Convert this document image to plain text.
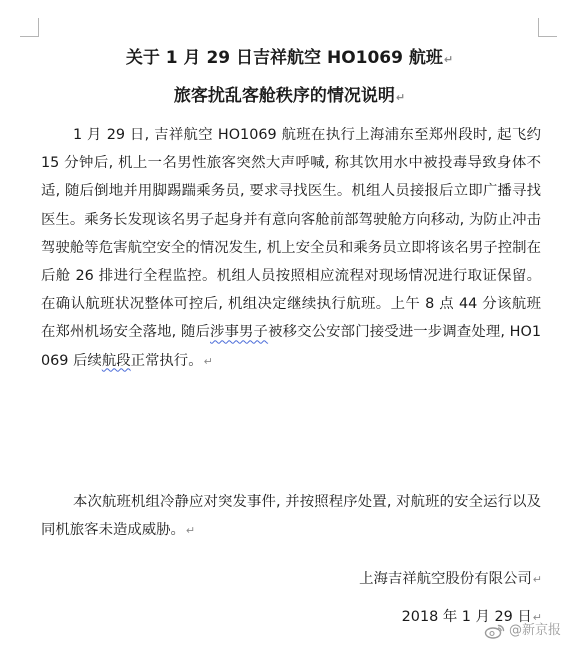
关于 1 月 29 日吉祥航空 HO1069 航班↵
旅客扰乱客舱秩序的情况说明↵
1 月 29 日, 吉祥航空 HO1069 航班在执行上海浦东至郑州段时, 起飞约 15 分钟后, 机上一名男性旅客突然大声呼喊, 称其饮用水中被投毒导致身体不适, 随后倒地并用脚踢踹乘务员, 要求寻找医生。机组人员接报后立即广播寻找医生。乘务长发现该名男子起身并有意向客舱前部驾驶舱方向移动, 为防止冲击驾驶舱等危害航空安全的情况发生, 机上安全员和乘务员立即将该名男子控制在后舱 26 排进行全程监控。机组人员按照相应流程对现场情况进行取证保留。在确认航班状况整体可控后, 机组决定继续执行航班。上午 8 点 44 分该航班在郑州机场安全落地, 随后涉事男子被移交公安部门接受进一步调查处理, HO1069 后续航段正常执行。↵
本次航班机组冷静应对突发事件, 并按照程序处置, 对航班的安全运行以及同机旅客未造成威胁。↵
上海吉祥航空股份有限公司↵
2018 年 1 月 29 日↵
@新京报
